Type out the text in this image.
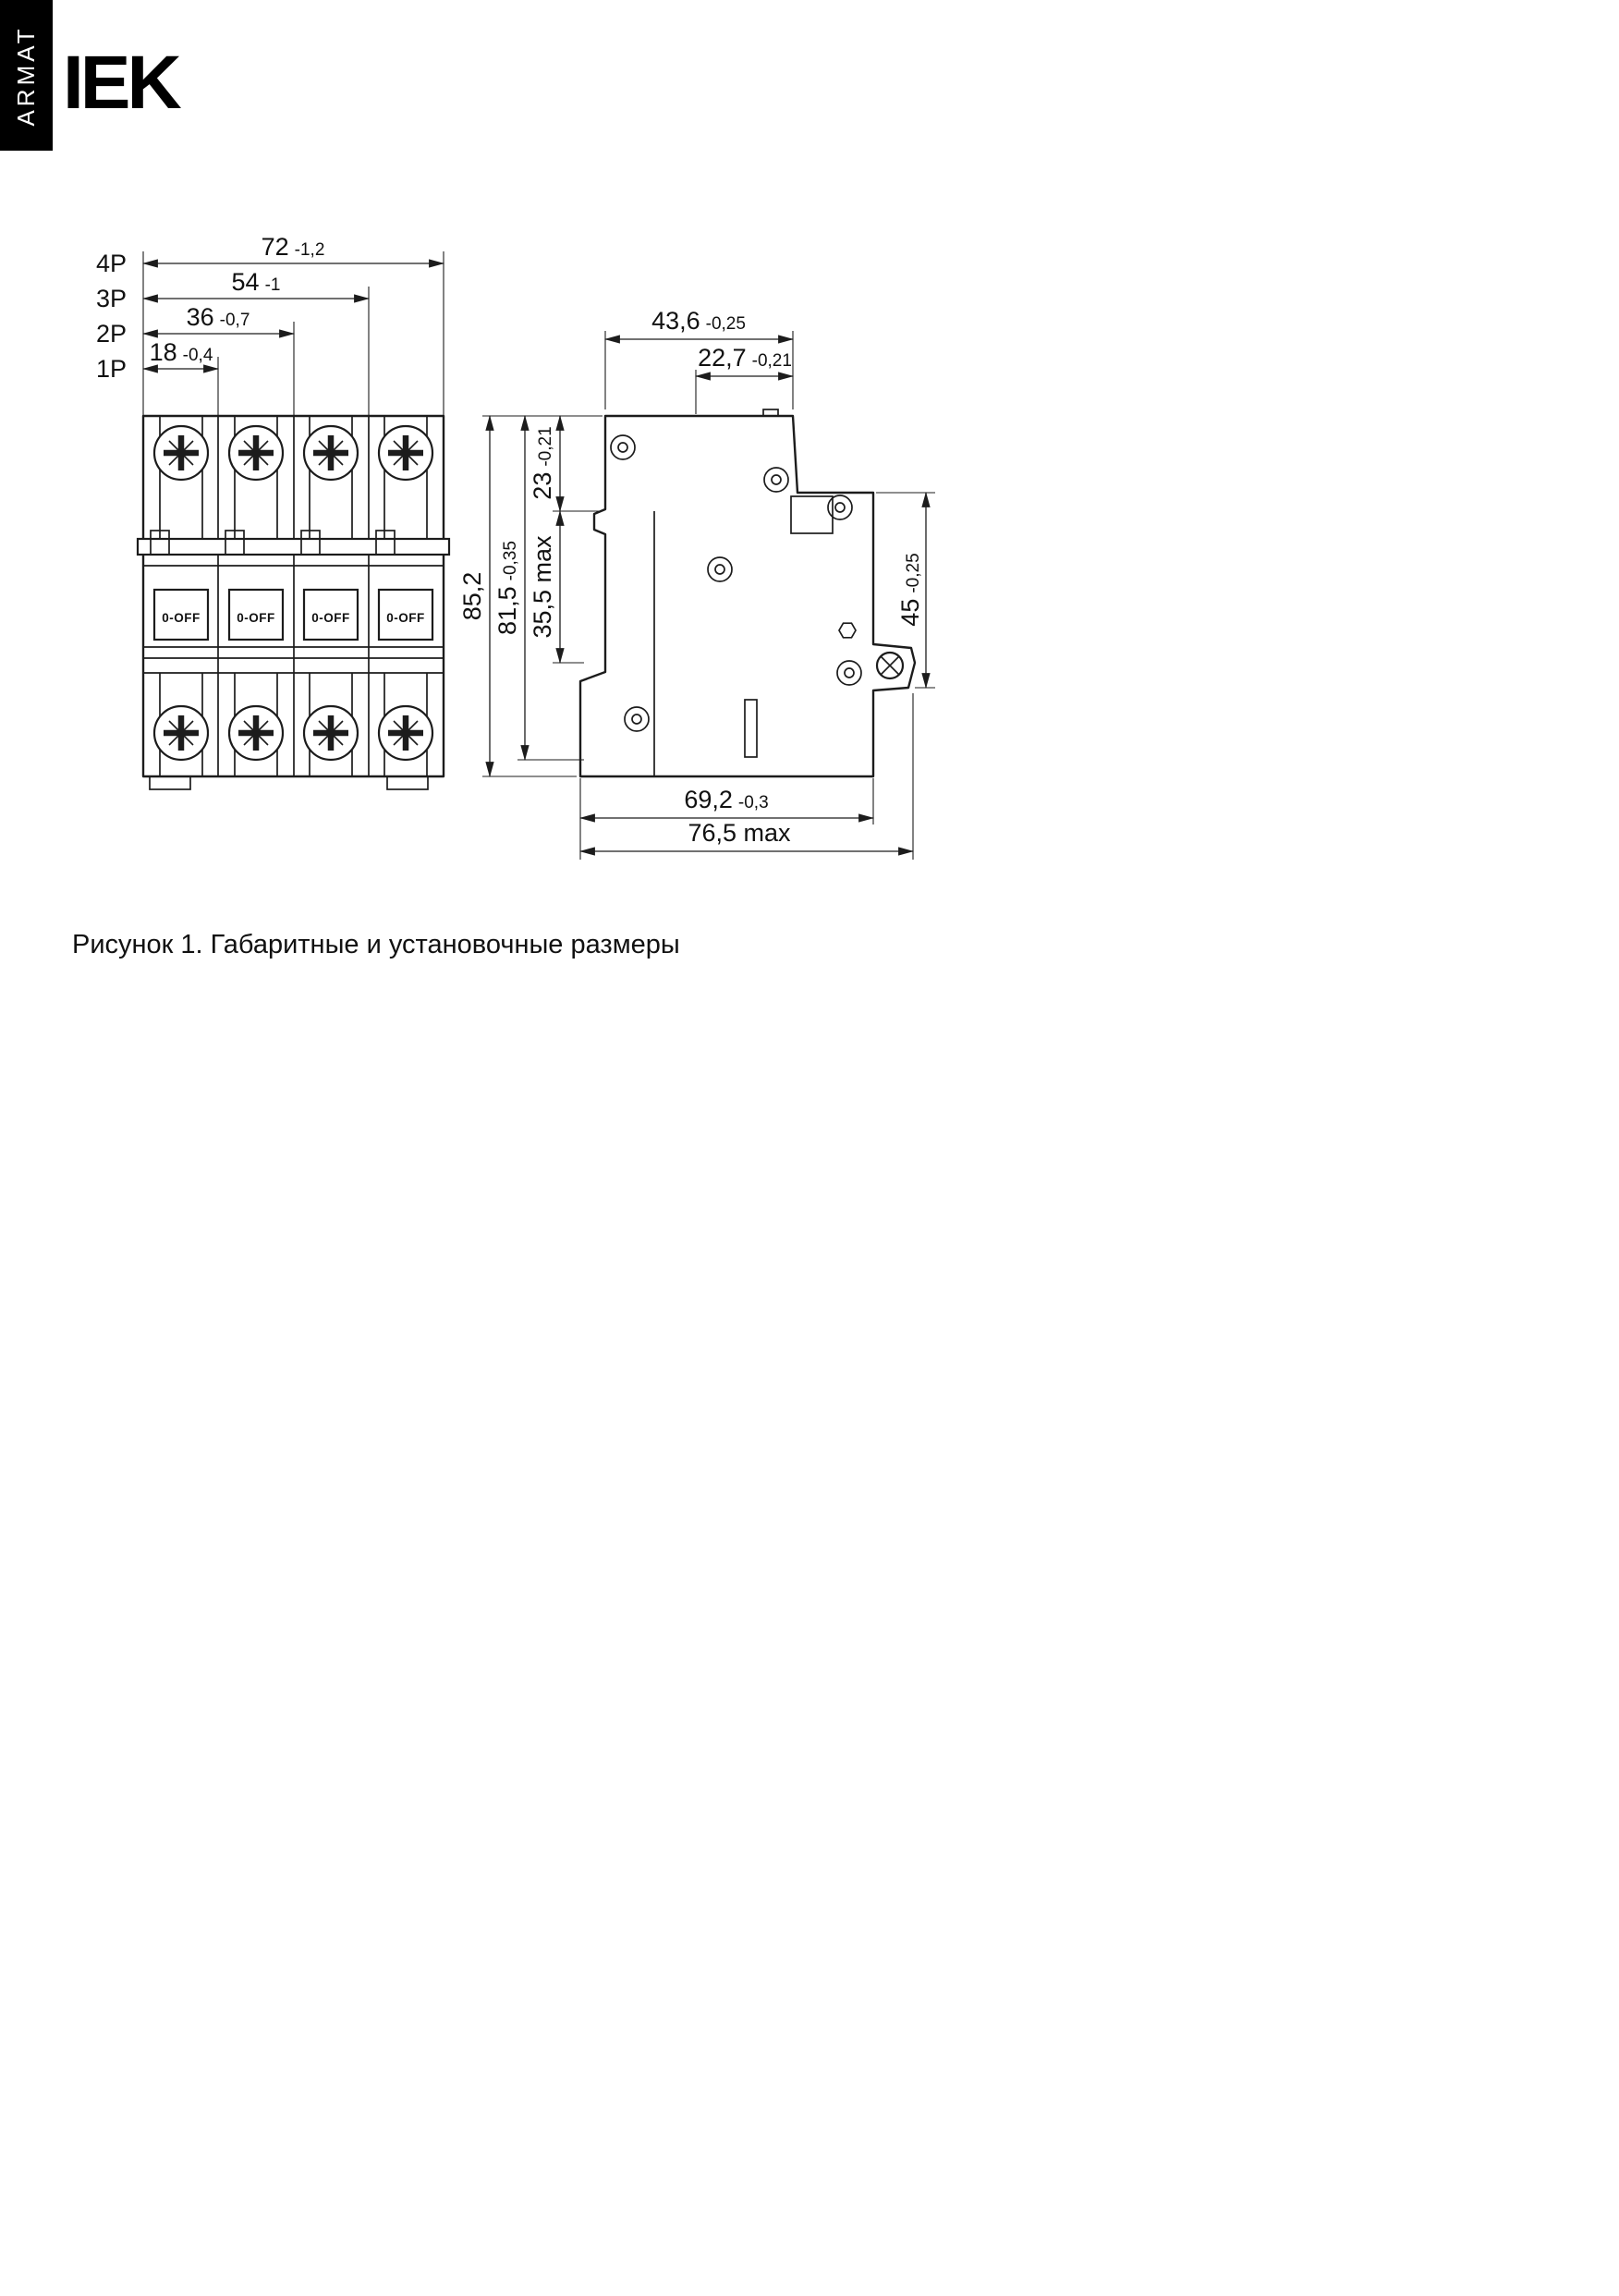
ARMAT IEK
4P
3P
2P
1P
72 -1,2
54 -1
36 -0,7
18 -0,4
0-OFF	0-OFF	0-OFF	0-OFF
43,6 -0,25
22,7 -0,21
23-0,21
35,5 max
85,2 81,5-0,35
45-0,25
69,2 -0,3
76,5 max
Рисунок 1. Габаритные и установочные размеры
